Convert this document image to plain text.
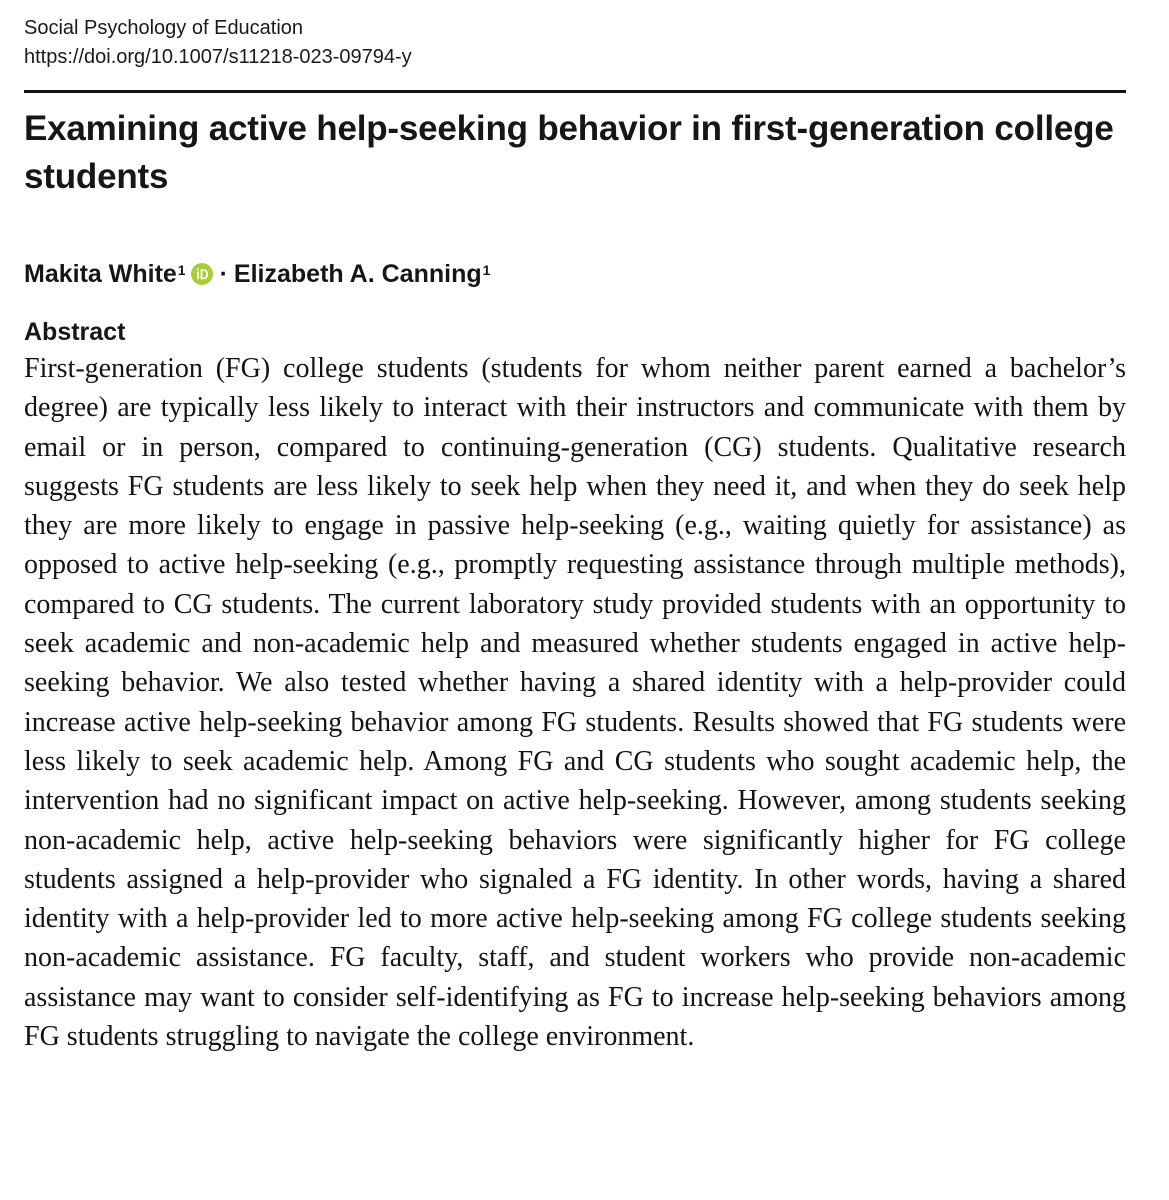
Social Psychology of Education
https://doi.org/10.1007/s11218-023-09794-y
Examining active help-seeking behavior in first-generation college students
Makita White$^1$ · Elizabeth A. Canning$^1$
Abstract
First-generation (FG) college students (students for whom neither parent earned a bachelor’s degree) are typically less likely to interact with their instructors and communicate with them by email or in person, compared to continuing-generation (CG) students. Qualitative research suggests FG students are less likely to seek help when they need it, and when they do seek help they are more likely to engage in passive help-seeking (e.g., waiting quietly for assistance) as opposed to active help-seeking (e.g., promptly requesting assistance through multiple methods), compared to CG students. The current laboratory study provided students with an opportunity to seek academic and non-academic help and measured whether students engaged in active help-seeking behavior. We also tested whether having a shared identity with a help-provider could increase active help-seeking behavior among FG students. Results showed that FG students were less likely to seek academic help. Among FG and CG students who sought academic help, the intervention had no significant impact on active help-seeking. However, among students seeking non-academic help, active help-seeking behaviors were significantly higher for FG college students assigned a help-provider who signaled a FG identity. In other words, having a shared identity with a help-provider led to more active help-seeking among FG college students seeking non-academic assistance. FG faculty, staff, and student workers who provide non-academic assistance may want to consider self-identifying as FG to increase help-seeking behaviors among FG students struggling to navigate the college environment.
